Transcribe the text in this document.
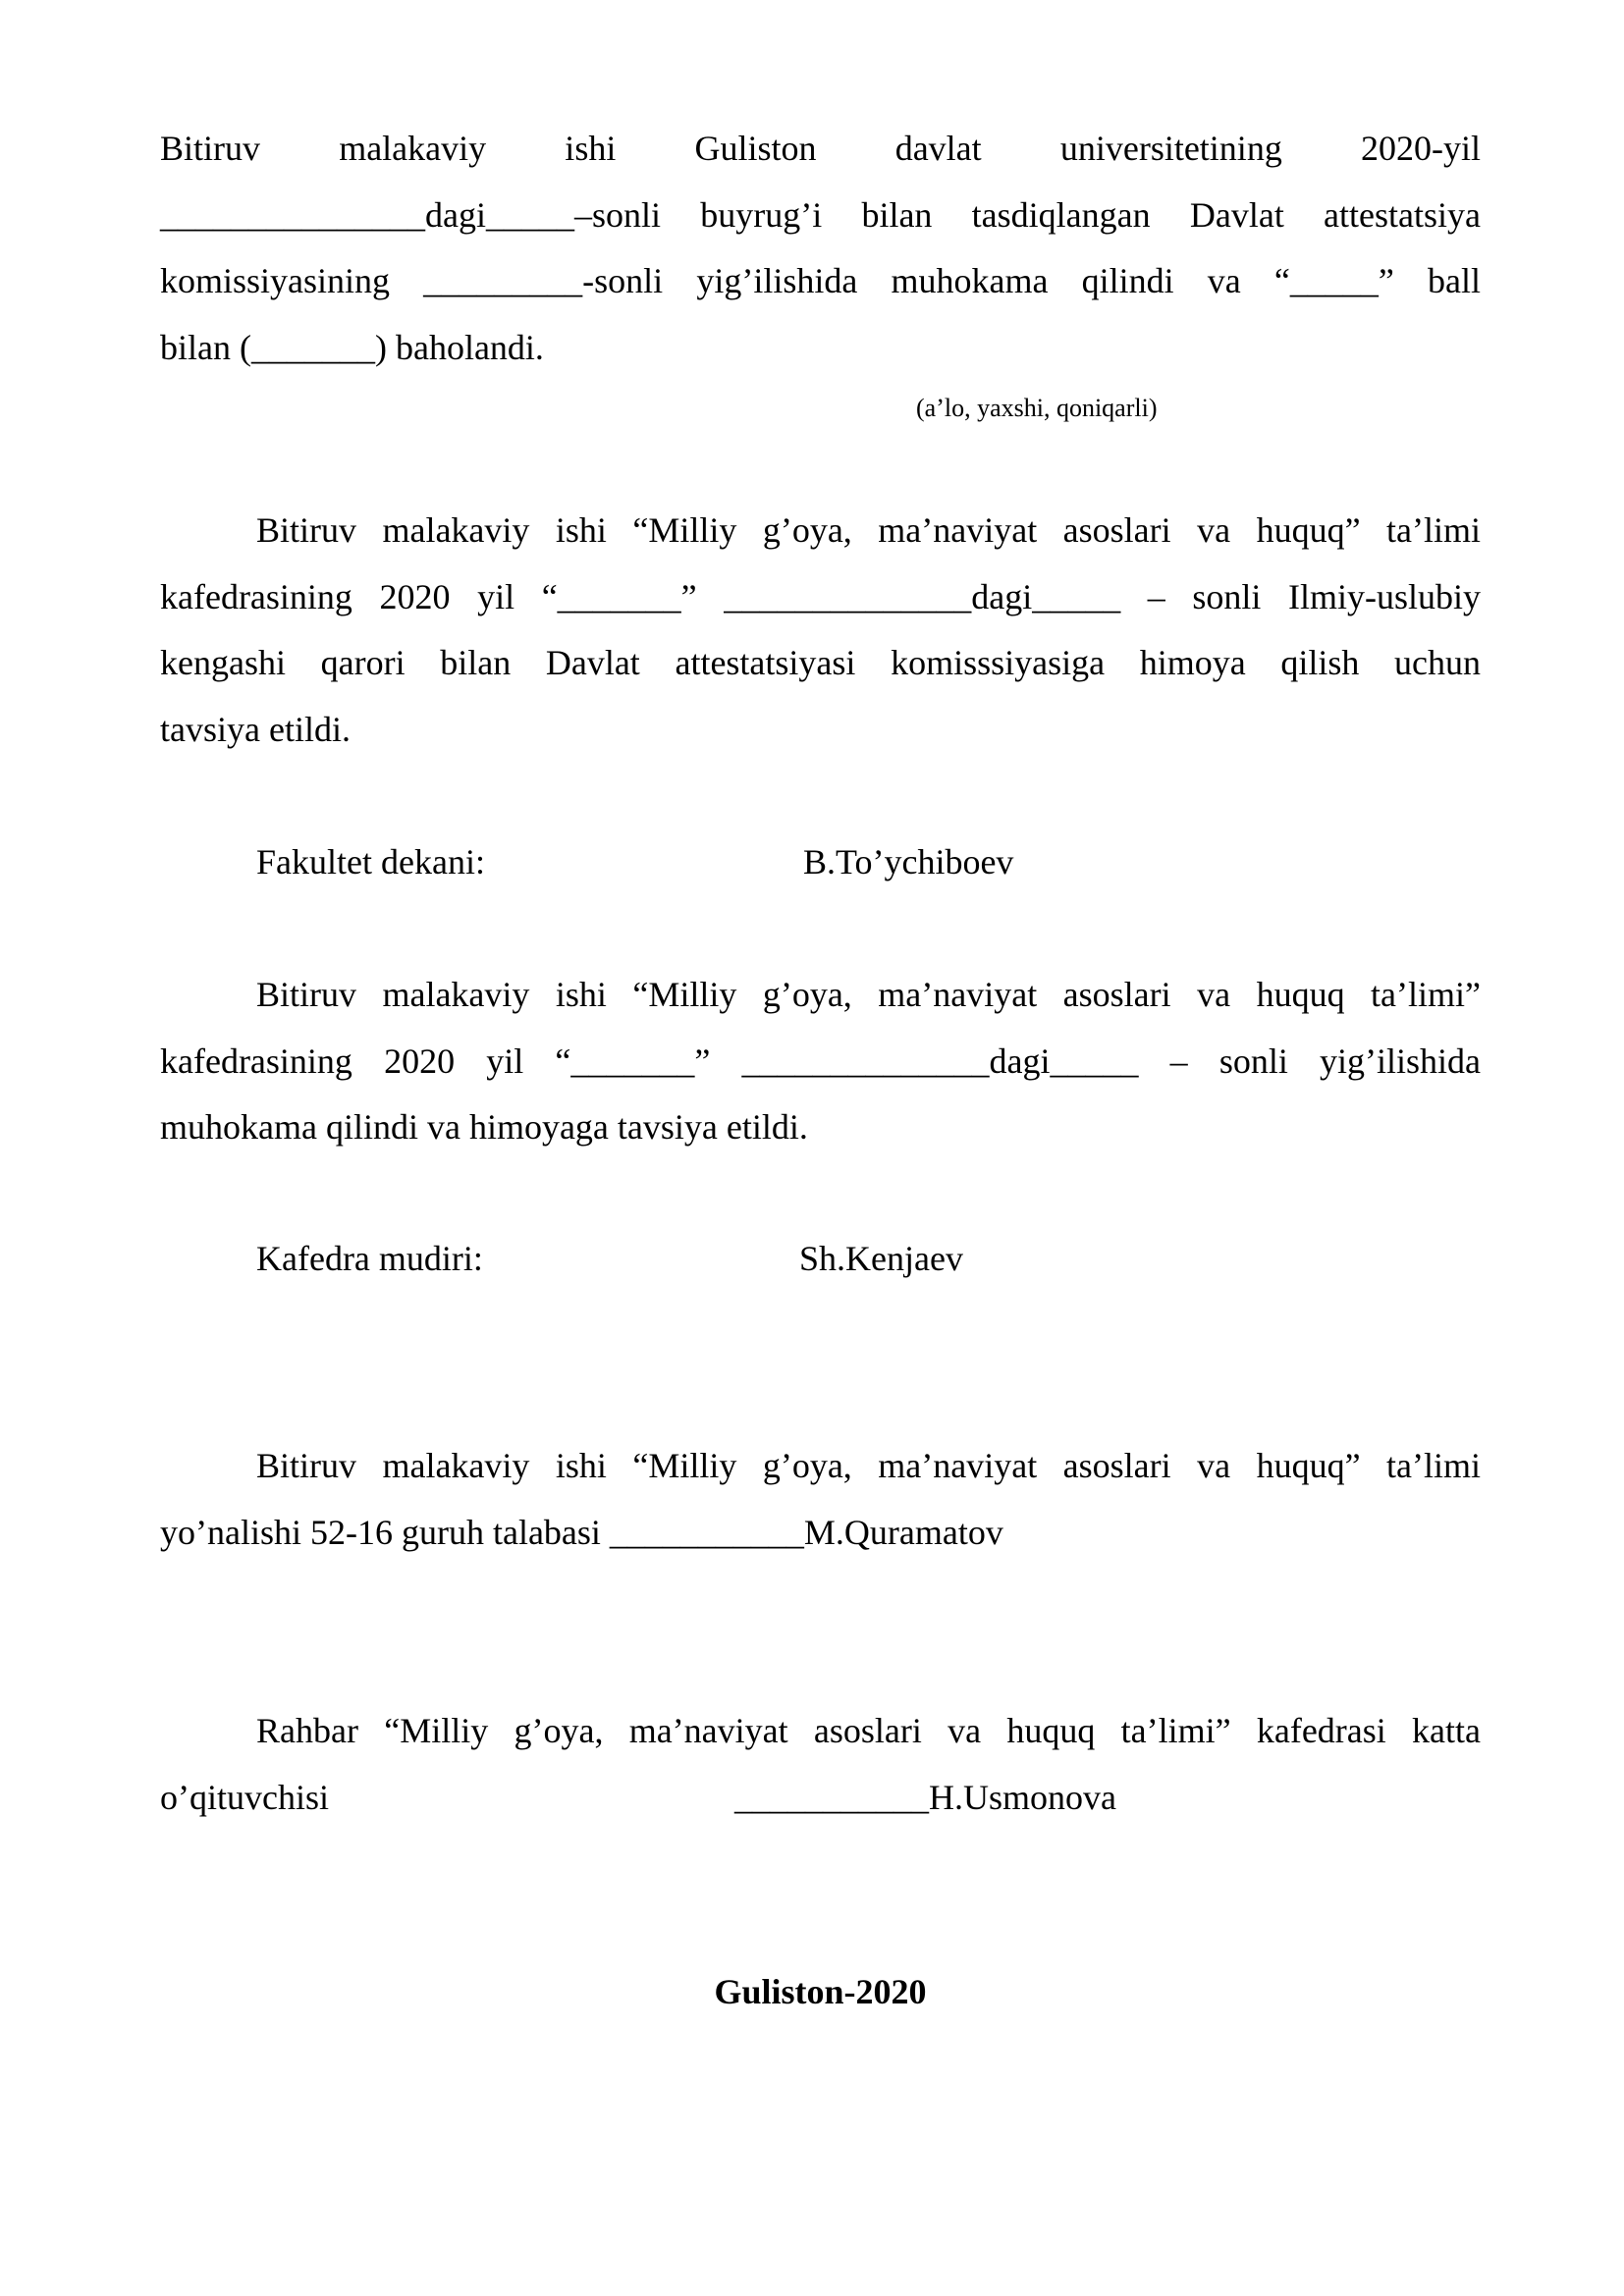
Bitiruv malakaviy ishi Guliston davlat universitetining 2020-yil
_______________dagi_____–sonli buyrug’i bilan tasdiqlangan Davlat attestatsiya
komissiyasining _________-sonli yig’ilishida muhokama qilindi va “_____” ball
bilan (_______) baholandi.
(a’lo, yaxshi, qoniqarli)
Bitiruv malakaviy ishi “Milliy g’oya, ma’naviyat asoslari va huquq” ta’limi
kafedrasining 2020 yil “_______” ______________dagi_____ – sonli Ilmiy-uslubiy
kengashi qarori bilan Davlat attestatsiyasi komisssiyasiga himoya qilish uchun
tavsiya etildi.
Fakultet dekani:	B.To’ychiboev
Bitiruv malakaviy ishi “Milliy g’oya, ma’naviyat asoslari va huquq ta’limi”
kafedrasining 2020 yil “_______” ______________dagi_____ – sonli yig’ilishida
muhokama qilindi va himoyaga tavsiya etildi.
Kafedra mudiri:	Sh.Kenjaev
Bitiruv malakaviy ishi “Milliy g’oya, ma’naviyat asoslari va huquq” ta’limi
yo’nalishi 52-16 guruh talabasi ___________M.Quramatov
Rahbar “Milliy g’oya, ma’naviyat asoslari va huquq ta’limi” kafedrasi katta
o’qituvchisi	___________H.Usmonova
Guliston-2020
